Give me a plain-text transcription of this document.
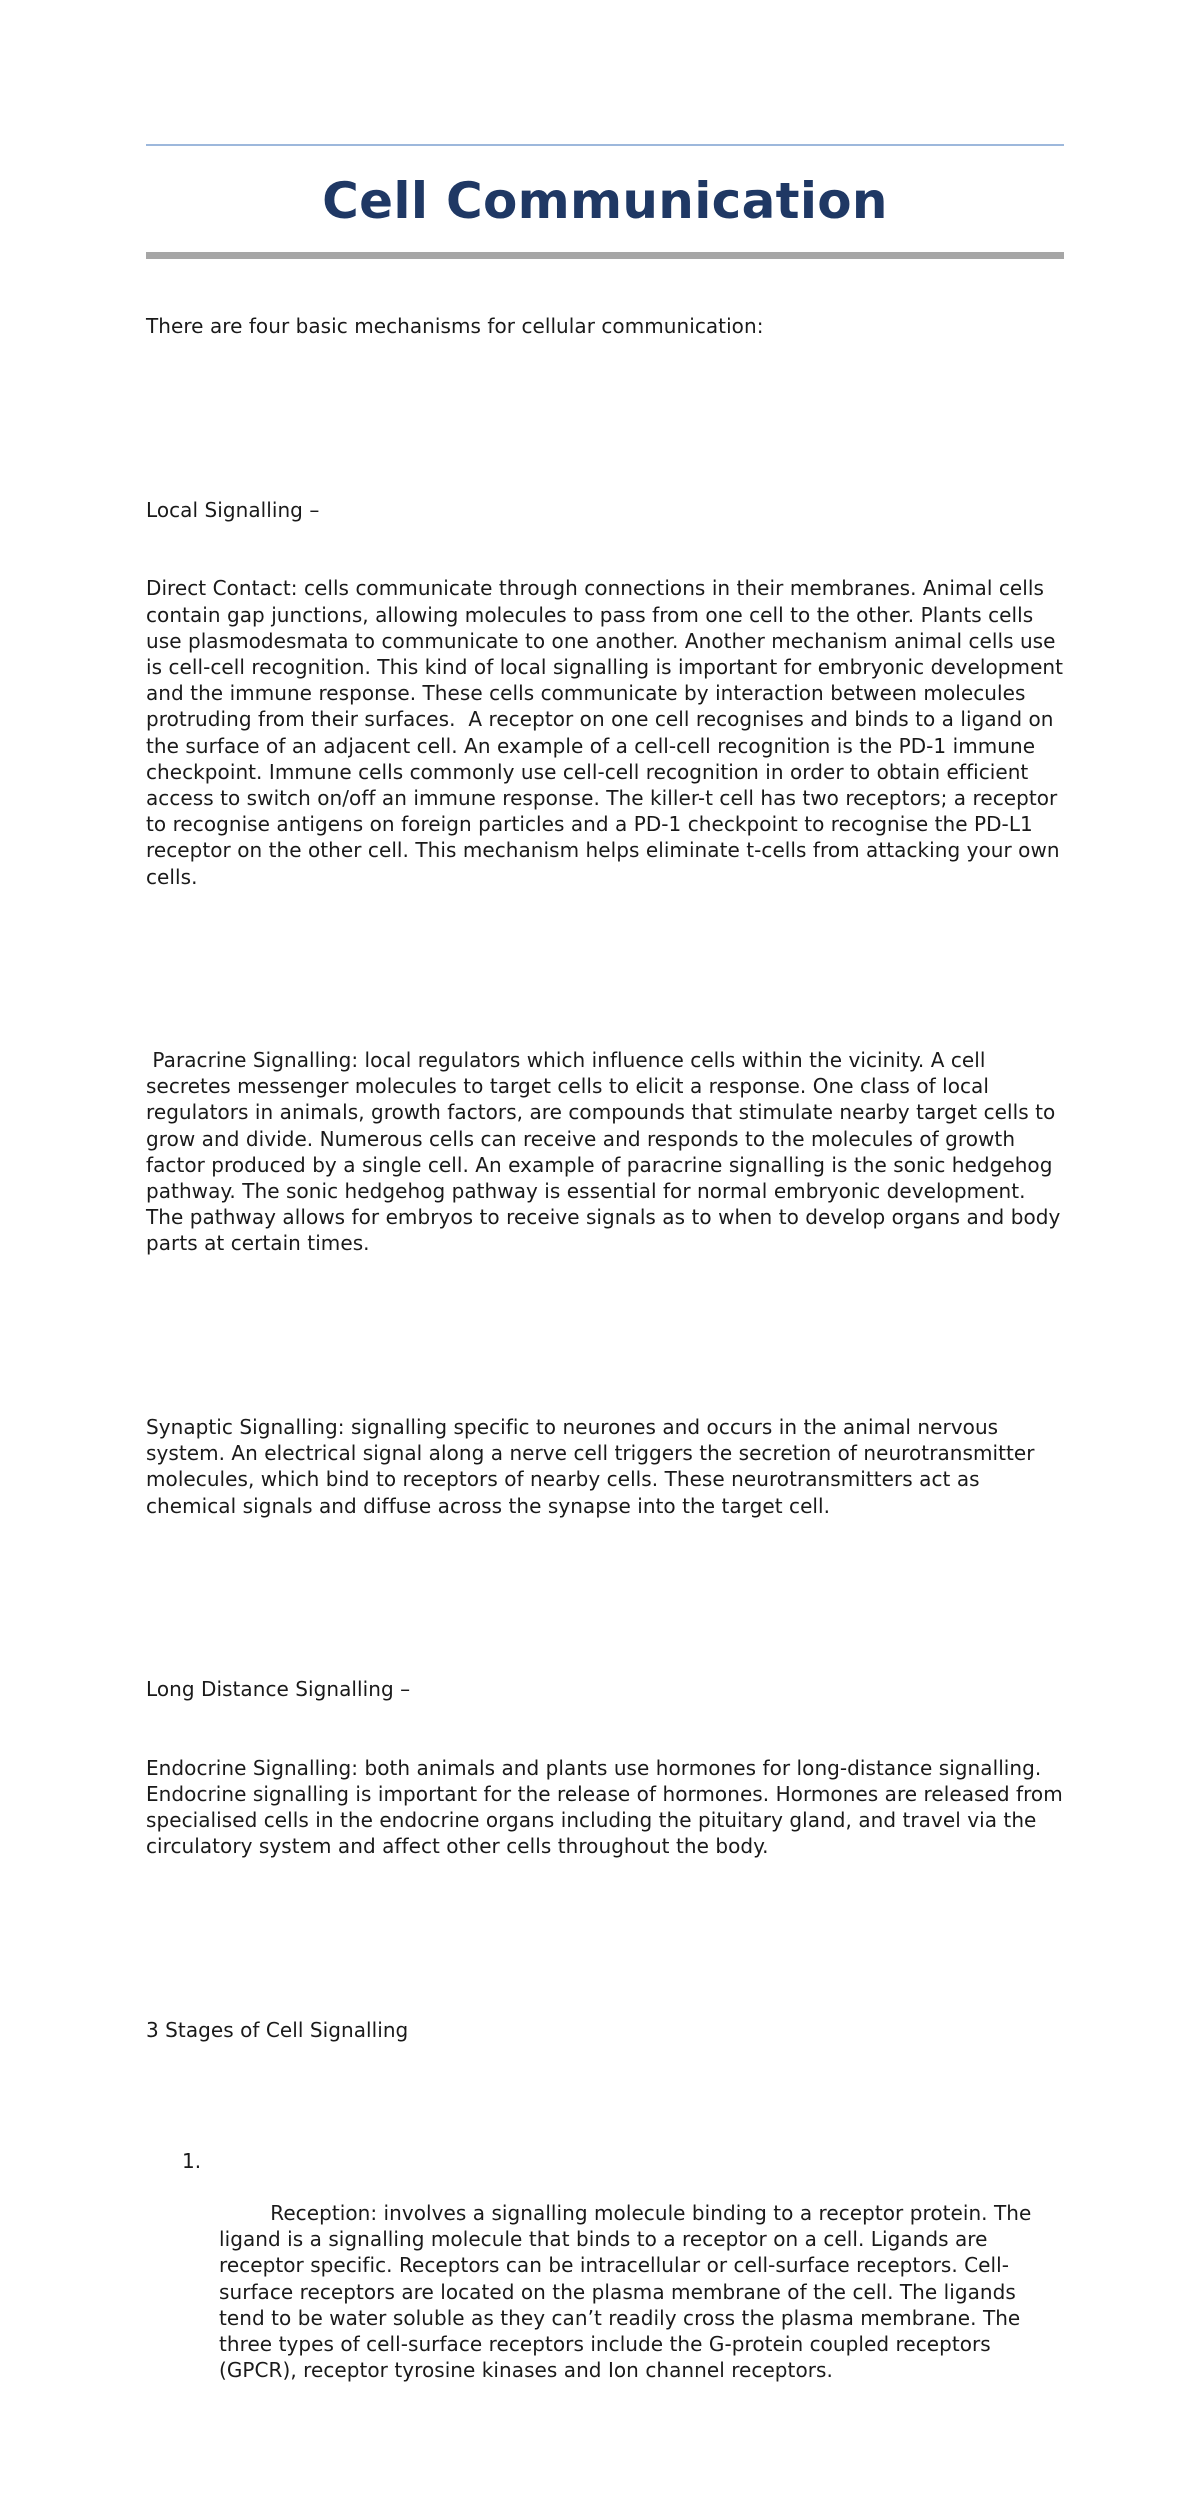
Cell Communication

There are four basic mechanisms for cellular communication:

Local Signalling –

Direct Contact: cells communicate through connections in their membranes. Animal cells contain gap junctions, allowing molecules to pass from one cell to the other. Plants cells use plasmodesmata to communicate to one another. Another mechanism animal cells use is cell-cell recognition. This kind of local signalling is important for embryonic development and the immune response. These cells communicate by interaction between molecules protruding from their surfaces.  A receptor on one cell recognises and binds to a ligand on the surface of an adjacent cell. An example of a cell-cell recognition is the PD-1 immune checkpoint. Immune cells commonly use cell-cell recognition in order to obtain efficient access to switch on/off an immune response. The killer-t cell has two receptors; a receptor to recognise antigens on foreign particles and a PD-1 checkpoint to recognise the PD-L1 receptor on the other cell. This mechanism helps eliminate t-cells from attacking your own cells.

Paracrine Signalling: local regulators which influence cells within the vicinity. A cell secretes messenger molecules to target cells to elicit a response. One class of local regulators in animals, growth factors, are compounds that stimulate nearby target cells to grow and divide. Numerous cells can receive and responds to the molecules of growth factor produced by a single cell. An example of paracrine signalling is the sonic hedgehog pathway. The sonic hedgehog pathway is essential for normal embryonic development. The pathway allows for embryos to receive signals as to when to develop organs and body parts at certain times.

Synaptic Signalling: signalling specific to neurones and occurs in the animal nervous system. An electrical signal along a nerve cell triggers the secretion of neurotransmitter molecules, which bind to receptors of nearby cells. These neurotransmitters act as chemical signals and diffuse across the synapse into the target cell.

Long Distance Signalling –

Endocrine Signalling: both animals and plants use hormones for long-distance signalling. Endocrine signalling is important for the release of hormones. Hormones are released from specialised cells in the endocrine organs including the pituitary gland, and travel via the circulatory system and affect other cells throughout the body.

3 Stages of Cell Signalling

1.

Reception: involves a signalling molecule binding to a receptor protein. The ligand is a signalling molecule that binds to a receptor on a cell. Ligands are receptor specific. Receptors can be intracellular or cell-surface receptors. Cell-surface receptors are located on the plasma membrane of the cell. The ligands tend to be water soluble as they can’t readily cross the plasma membrane. The three types of cell-surface receptors include the G-protein coupled receptors (GPCR), receptor tyrosine kinases and Ion channel receptors.
